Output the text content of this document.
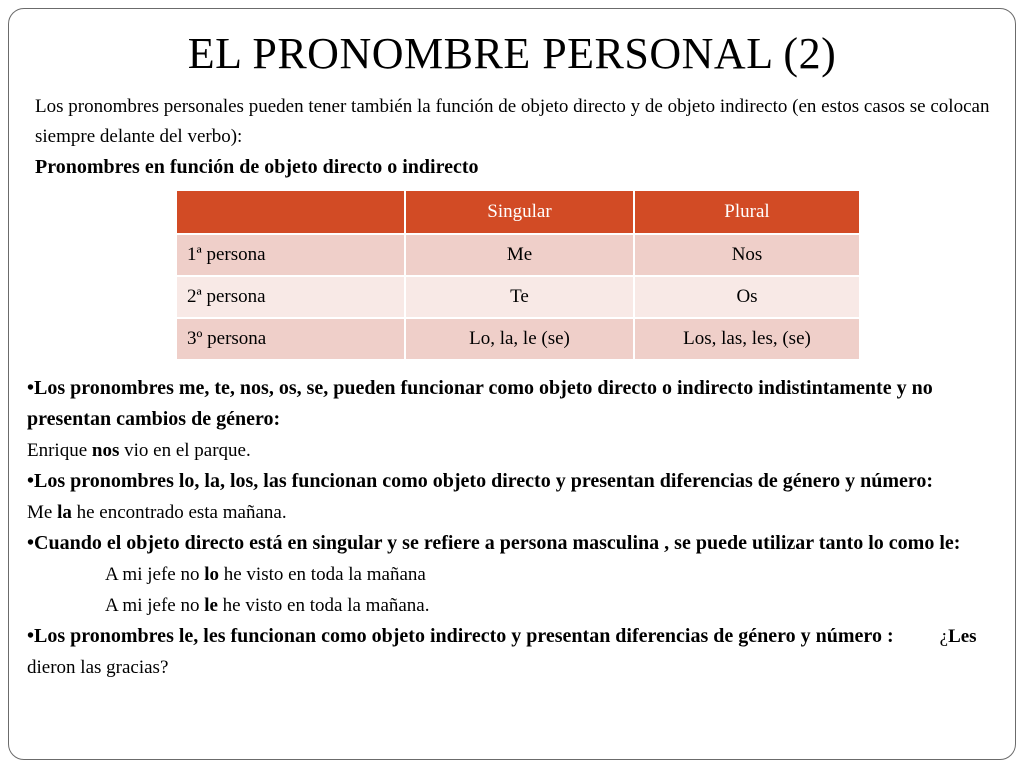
EL PRONOMBRE PERSONAL (2)
Los pronombres personales pueden tener también la función de objeto directo y de objeto indirecto (en estos casos se colocan siempre delante del verbo):
Pronombres en función de objeto directo o indirecto
	Singular	Plural
1ª persona	Me	Nos
2ª persona	Te	Os
3º persona	Lo, la, le (se)	Los, las, les, (se)
•Los pronombres me, te, nos, os, se, pueden funcionar como objeto directo o indirecto indistintamente y no presentan cambios de género:
Enrique nos vio en el parque.
•Los pronombres lo, la, los, las funcionan como objeto directo y presentan diferencias de género y número:
Me la he encontrado esta mañana.
•Cuando el objeto directo está en singular y se refiere a persona masculina , se puede utilizar tanto lo como le:
A mi jefe no lo he visto en toda la mañana
A mi jefe no le he visto en toda la mañana.
•Los pronombres le, les funcionan como objeto indirecto y presentan diferencias de género y número : ¿Les dieron las gracias?
